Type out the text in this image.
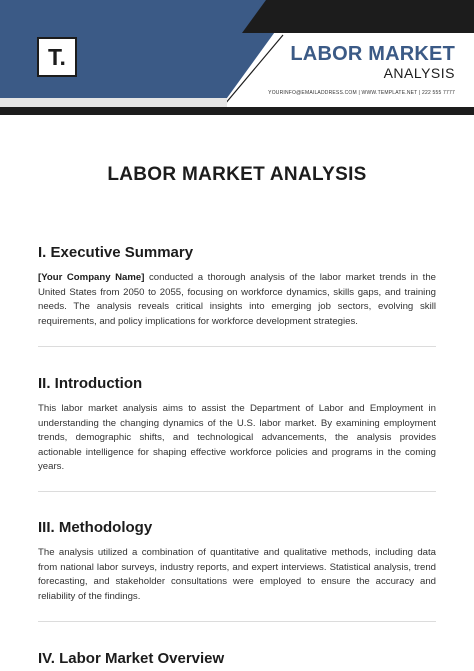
T.	LABOR MARKET
ANALYSIS
YOURINFO@EMAILADDRESS.COM | WWW.TEMPLATE.NET | 222 555 7777
LABOR MARKET ANALYSIS
I. Executive Summary

[Your Company Name] conducted a thorough analysis of the labor market trends in the United States from 2050 to 2055, focusing on workforce dynamics, skills gaps, and training needs. The analysis reveals critical insights into emerging job sectors, evolving skill requirements, and policy implications for workforce development strategies.

II. Introduction

This labor market analysis aims to assist the Department of Labor and Employment in understanding the changing dynamics of the U.S. labor market. By examining employment trends, demographic shifts, and technological advancements, the analysis provides actionable intelligence for shaping effective workforce policies and programs in the coming years.

III. Methodology

The analysis utilized a combination of quantitative and qualitative methods, including data from national labor surveys, industry reports, and expert interviews. Statistical analysis, trend forecasting, and stakeholder consultations were employed to ensure the accuracy and reliability of the findings.

IV. Labor Market Overview
